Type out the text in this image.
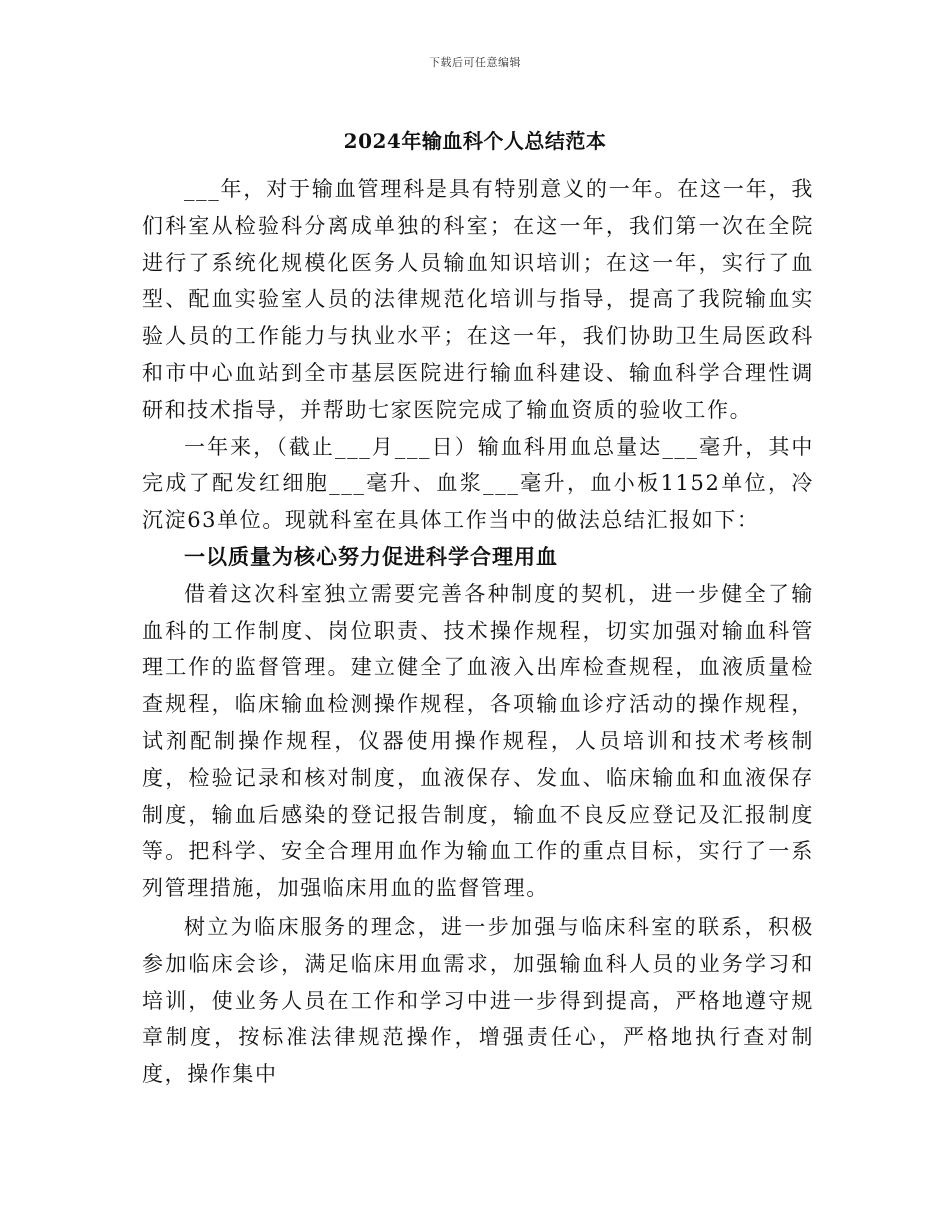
下载后可任意编辑
2024年输血科个人总结范本

___年，对于输血管理科是具有特别意义的一年。在这一年，我们科室从检验科分离成单独的科室；在这一年，我们第一次在全院进行了系统化规模化医务人员输血知识培训；在这一年，实行了血型、配血实验室人员的法律规范化培训与指导，提高了我院输血实验人员的工作能力与执业水平；在这一年，我们协助卫生局医政科和市中心血站到全市基层医院进行输血科建设、输血科学合理性调研和技术指导，并帮助七家医院完成了输血资质的验收工作。

一年来，（截止___月___日）输血科用血总量达___毫升，其中完成了配发红细胞___毫升、血浆___毫升，血小板1152单位，冷沉淀63单位。现就科室在具体工作当中的做法总结汇报如下：

一以质量为核心努力促进科学合理用血

借着这次科室独立需要完善各种制度的契机，进一步健全了输血科的工作制度、岗位职责、技术操作规程，切实加强对输血科管理工作的监督管理。建立健全了血液入出库检查规程，血液质量检查规程，临床输血检测操作规程，各项输血诊疗活动的操作规程，试剂配制操作规程，仪器使用操作规程，人员培训和技术考核制度，检验记录和核对制度，血液保存、发血、临床输血和血液保存制度，输血后感染的登记报告制度，输血不良反应登记及汇报制度等。把科学、安全合理用血作为输血工作的重点目标，实行了一系列管理措施，加强临床用血的监督管理。

树立为临床服务的理念，进一步加强与临床科室的联系，积极参加临床会诊，满足临床用血需求，加强输血科人员的业务学习和培训，使业务人员在工作和学习中进一步得到提高，严格地遵守规章制度，按标准法律规范操作，增强责任心，严格地执行查对制度，操作集中
